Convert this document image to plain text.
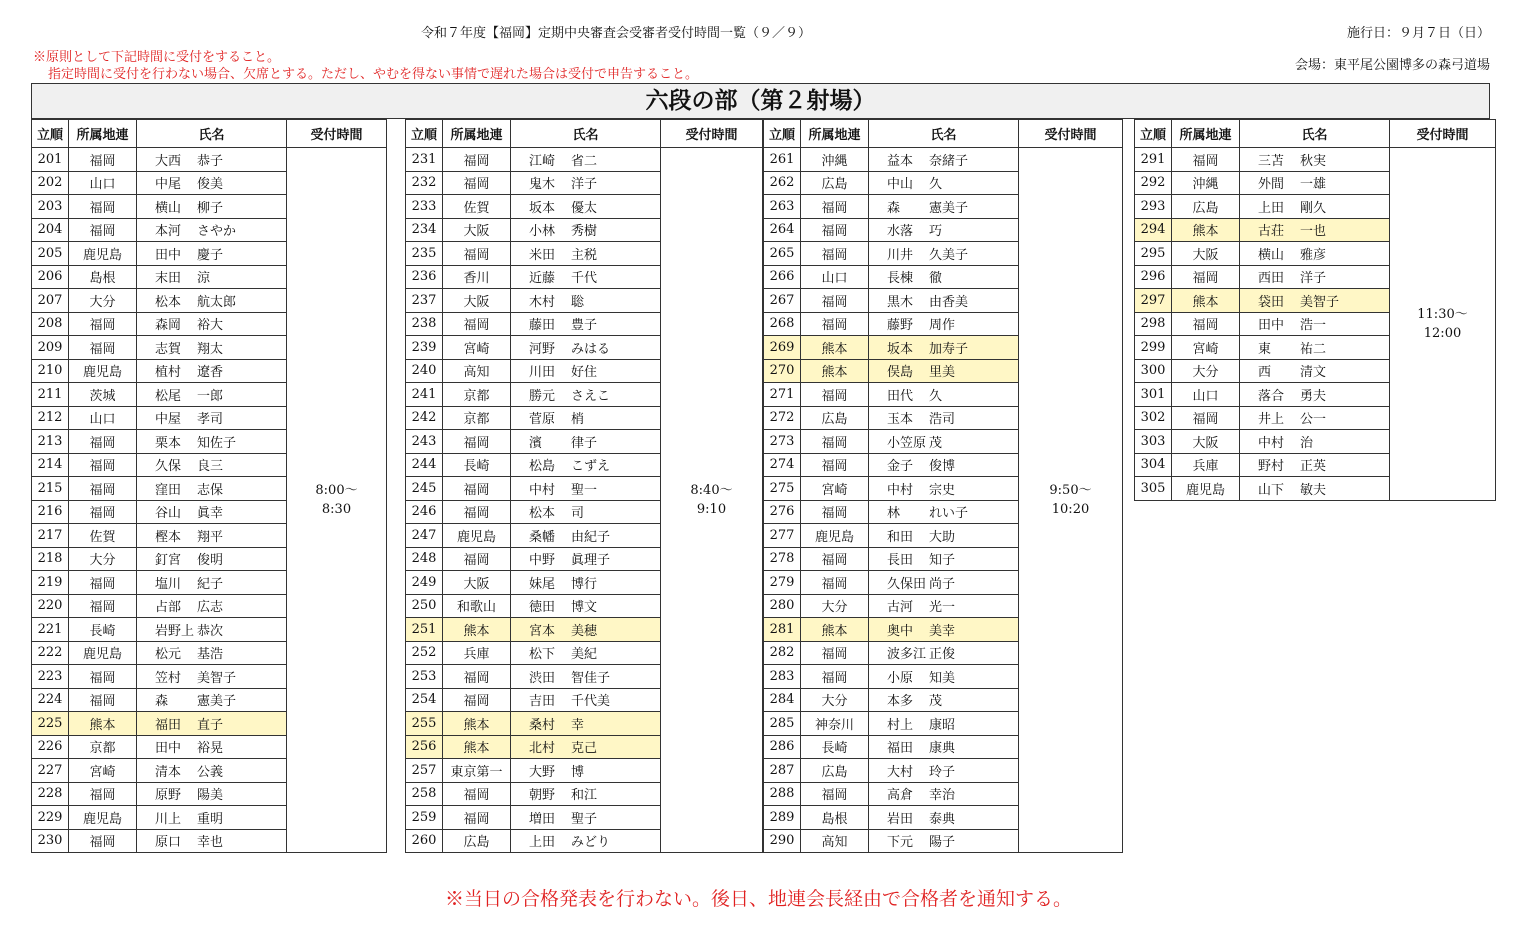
令和７年度【福岡】定期中央審査会受審者受付時間一覧（９／９）	施行日：９月７日（日）
※原則として下記時間に受付をすること。
指定時間に受付を行わない場合、欠席とする。ただし、やむを得ない事情で遅れた場合は受付で申告すること。
会場：東平尾公園博多の森弓道場
六段の部（第２射場）
立順	所属地連	氏名	受付時間
201	福岡	大西 恭子	8:00～
8:30

202	山口	中尾 俊美	
203	福岡	横山 柳子	
204	福岡	本河 さやか	
205	鹿児島	田中 慶子	
206	島根	末田 涼	
207	大分	松本 航太郎	
208	福岡	森岡 裕大	
209	福岡	志賀 翔太	
210	鹿児島	植村 遼香	
211	茨城	松尾 一郎	
212	山口	中屋 孝司	
213	福岡	栗本 知佐子	
214	福岡	久保 良三	
215	福岡	窪田 志保	
216	福岡	谷山 眞幸	
217	佐賀	樫本 翔平	
218	大分	釘宮 俊明	
219	福岡	塩川 紀子	
220	福岡	占部 広志	
221	長崎	岩野上 恭次	
222	鹿児島	松元 基浩	
223	福岡	笠村 美智子	
224	福岡	森 憲美子	
225	熊本	福田 直子	
226	京都	田中 裕晃	
227	宮崎	清本 公義	
228	福岡	原野 陽美	
229	鹿児島	川上 重明	
230	福岡	原口 幸也	
立順	所属地連	氏名	受付時間
231	福岡	江崎 省二	8:40～
9:10

232	福岡	鬼木 洋子	
233	佐賀	坂本 優太	
234	大阪	小林 秀樹	
235	福岡	米田 主税	
236	香川	近藤 千代	
237	大阪	木村 聡	
238	福岡	藤田 豊子	
239	宮崎	河野 みはる	
240	高知	川田 好住	
241	京都	勝元 さえこ	
242	京都	菅原 梢	
243	福岡	濱 律子	
244	長崎	松島 こずえ	
245	福岡	中村 聖一	
246	福岡	松本 司	
247	鹿児島	桑幡 由紀子	
248	福岡	中野 眞理子	
249	大阪	妹尾 博行	
250	和歌山	徳田 博文	
251	熊本	宮本 美穂	
252	兵庫	松下 美紀	
253	福岡	渋田 智佳子	
254	福岡	吉田 千代美	
255	熊本	桑村 幸	
256	熊本	北村 克己	
257	東京第一	大野 博	
258	福岡	朝野 和江	
259	福岡	増田 聖子	
260	広島	上田 みどり	
立順	所属地連	氏名	受付時間
261	沖縄	益本 奈緒子	9:50～
10:20

262	広島	中山 久	
263	福岡	森 憲美子	
264	福岡	水落 巧	
265	福岡	川井 久美子	
266	山口	長棟 徹	
267	福岡	黒木 由香美	
268	福岡	藤野 周作	
269	熊本	坂本 加寿子	
270	熊本	俣島 里美	
271	福岡	田代 久	
272	広島	玉本 浩司	
273	福岡	小笠原 茂	
274	福岡	金子 俊博	
275	宮崎	中村 宗史	
276	福岡	林 れい子	
277	鹿児島	和田 大助	
278	福岡	長田 知子	
279	福岡	久保田 尚子	
280	大分	古河 光一	
281	熊本	奥中 美幸	
282	福岡	波多江 正俊	
283	福岡	小原 知美	
284	大分	本多 茂	
285	神奈川	村上 康昭	
286	長崎	福田 康典	
287	広島	大村 玲子	
288	福岡	高倉 幸治	
289	島根	岩田 泰典	
290	高知	下元 陽子	
立順	所属地連	氏名	受付時間
291	福岡	三苫 秋実	11:30～
12:00

292	沖縄	外間 一雄	
293	広島	上田 剛久	
294	熊本	古荘 一也	
295	大阪	横山 雅彦	
296	福岡	西田 洋子	
297	熊本	袋田 美智子	
298	福岡	田中 浩一	
299	宮崎	東 祐二	
300	大分	西 清文	
301	山口	落合 勇夫	
302	福岡	井上 公一	
303	大阪	中村 治	
304	兵庫	野村 正英	
305	鹿児島	山下 敏夫	
※当日の合格発表を行わない。後日、地連会長経由で合格者を通知する。
